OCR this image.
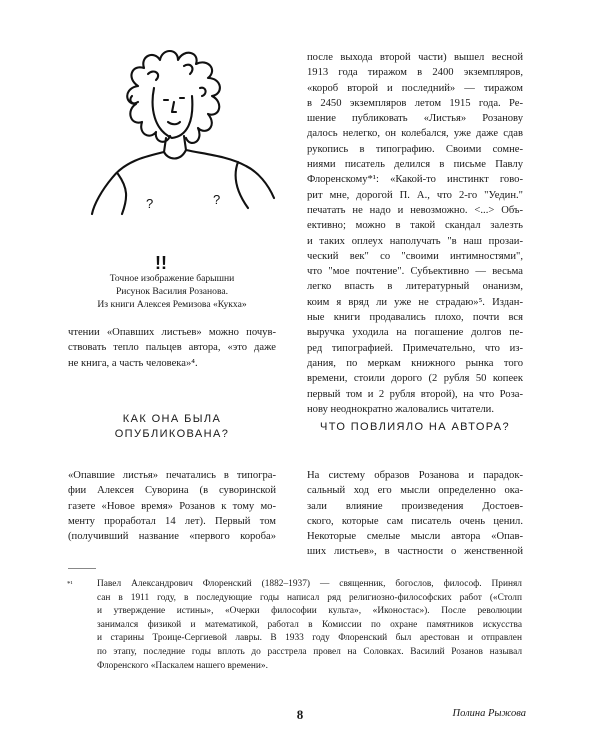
?	?
!!
Точное изображение барышни
Рисунок Василия Розанова.
Из книги Алексея Ремизова «Кукха»
чтении «Опавших листьев» можно почув-
ствовать тепло пальцев автора, «это даже
не книга, а часть человека»⁴.
после выхода второй части) вышел весной
1913 года тиражом в 2400 экземпляров,
«короб второй и последний» — тиражом
в 2450 экземпляров летом 1915 года. Ре-
шение публиковать «Листья» Розанову
далось нелегко, он колебался, уже даже сдав
рукопись в типографию. Своими сомне-
ниями писатель делился в письме Павлу
Флоренскому*¹: «Какой-то инстинкт гово-
рит мне, дорогой П. А., что 2-го "Уедин."
печатать не надо и невозможно. <...> Объ-
ективно; можно в такой скандал залезть
и таких оплеух наполучать "в наш прозаи-
ческий век" со "своими интимностями",
что "мое почтение". Субъективно — весьма
легко впасть в литературный онанизм,
коим я вряд ли уже не страдаю»⁵. Издан-
ные книги продавались плохо, почти вся
выручка уходила на погашение долгов пе-
ред типографией. Примечательно, что из-
дания, по меркам книжного рынка того
времени, стоили дорого (2 рубля 50 копеек
первый том и 2 рубля второй), на что Роза-
нову неоднократно жаловались читатели.
КАК ОНА БЫЛА
ОПУБЛИКОВАНА?
ЧТО ПОВЛИЯЛО НА АВТОРА?
«Опавшие листья» печатались в типогра-
фии Алексея Суворина (в суворинской
газете «Новое время» Розанов к тому мо-
менту проработал 14 лет). Первый том
(получивший название «первого короба»
На систему образов Розанова и парадок-
сальный ход его мысли определенно ока-
зали влияние произведения Достоев-
ского, которые сам писатель очень ценил.
Некоторые смелые мысли автора «Опав-
ших листьев», в частности о женственной
*¹	Павел Александрович Флоренский (1882–1937) — священник, богослов, философ. Принял
сан в 1911 году, в последующие годы написал ряд религиозно-философских работ («Столп
и утверждение истины», «Очерки философии культа», «Иконостас»). После революции
занимался физикой и математикой, работал в Комиссии по охране памятников искусства
и старины Троице-Сергиевой лавры. В 1933 году Флоренский был арестован и отправлен
по этапу, последние годы вплоть до расстрела провел на Соловках. Василий Розанов называл
Флоренского «Паскалем нашего времени».
8	Полина Рыжова
